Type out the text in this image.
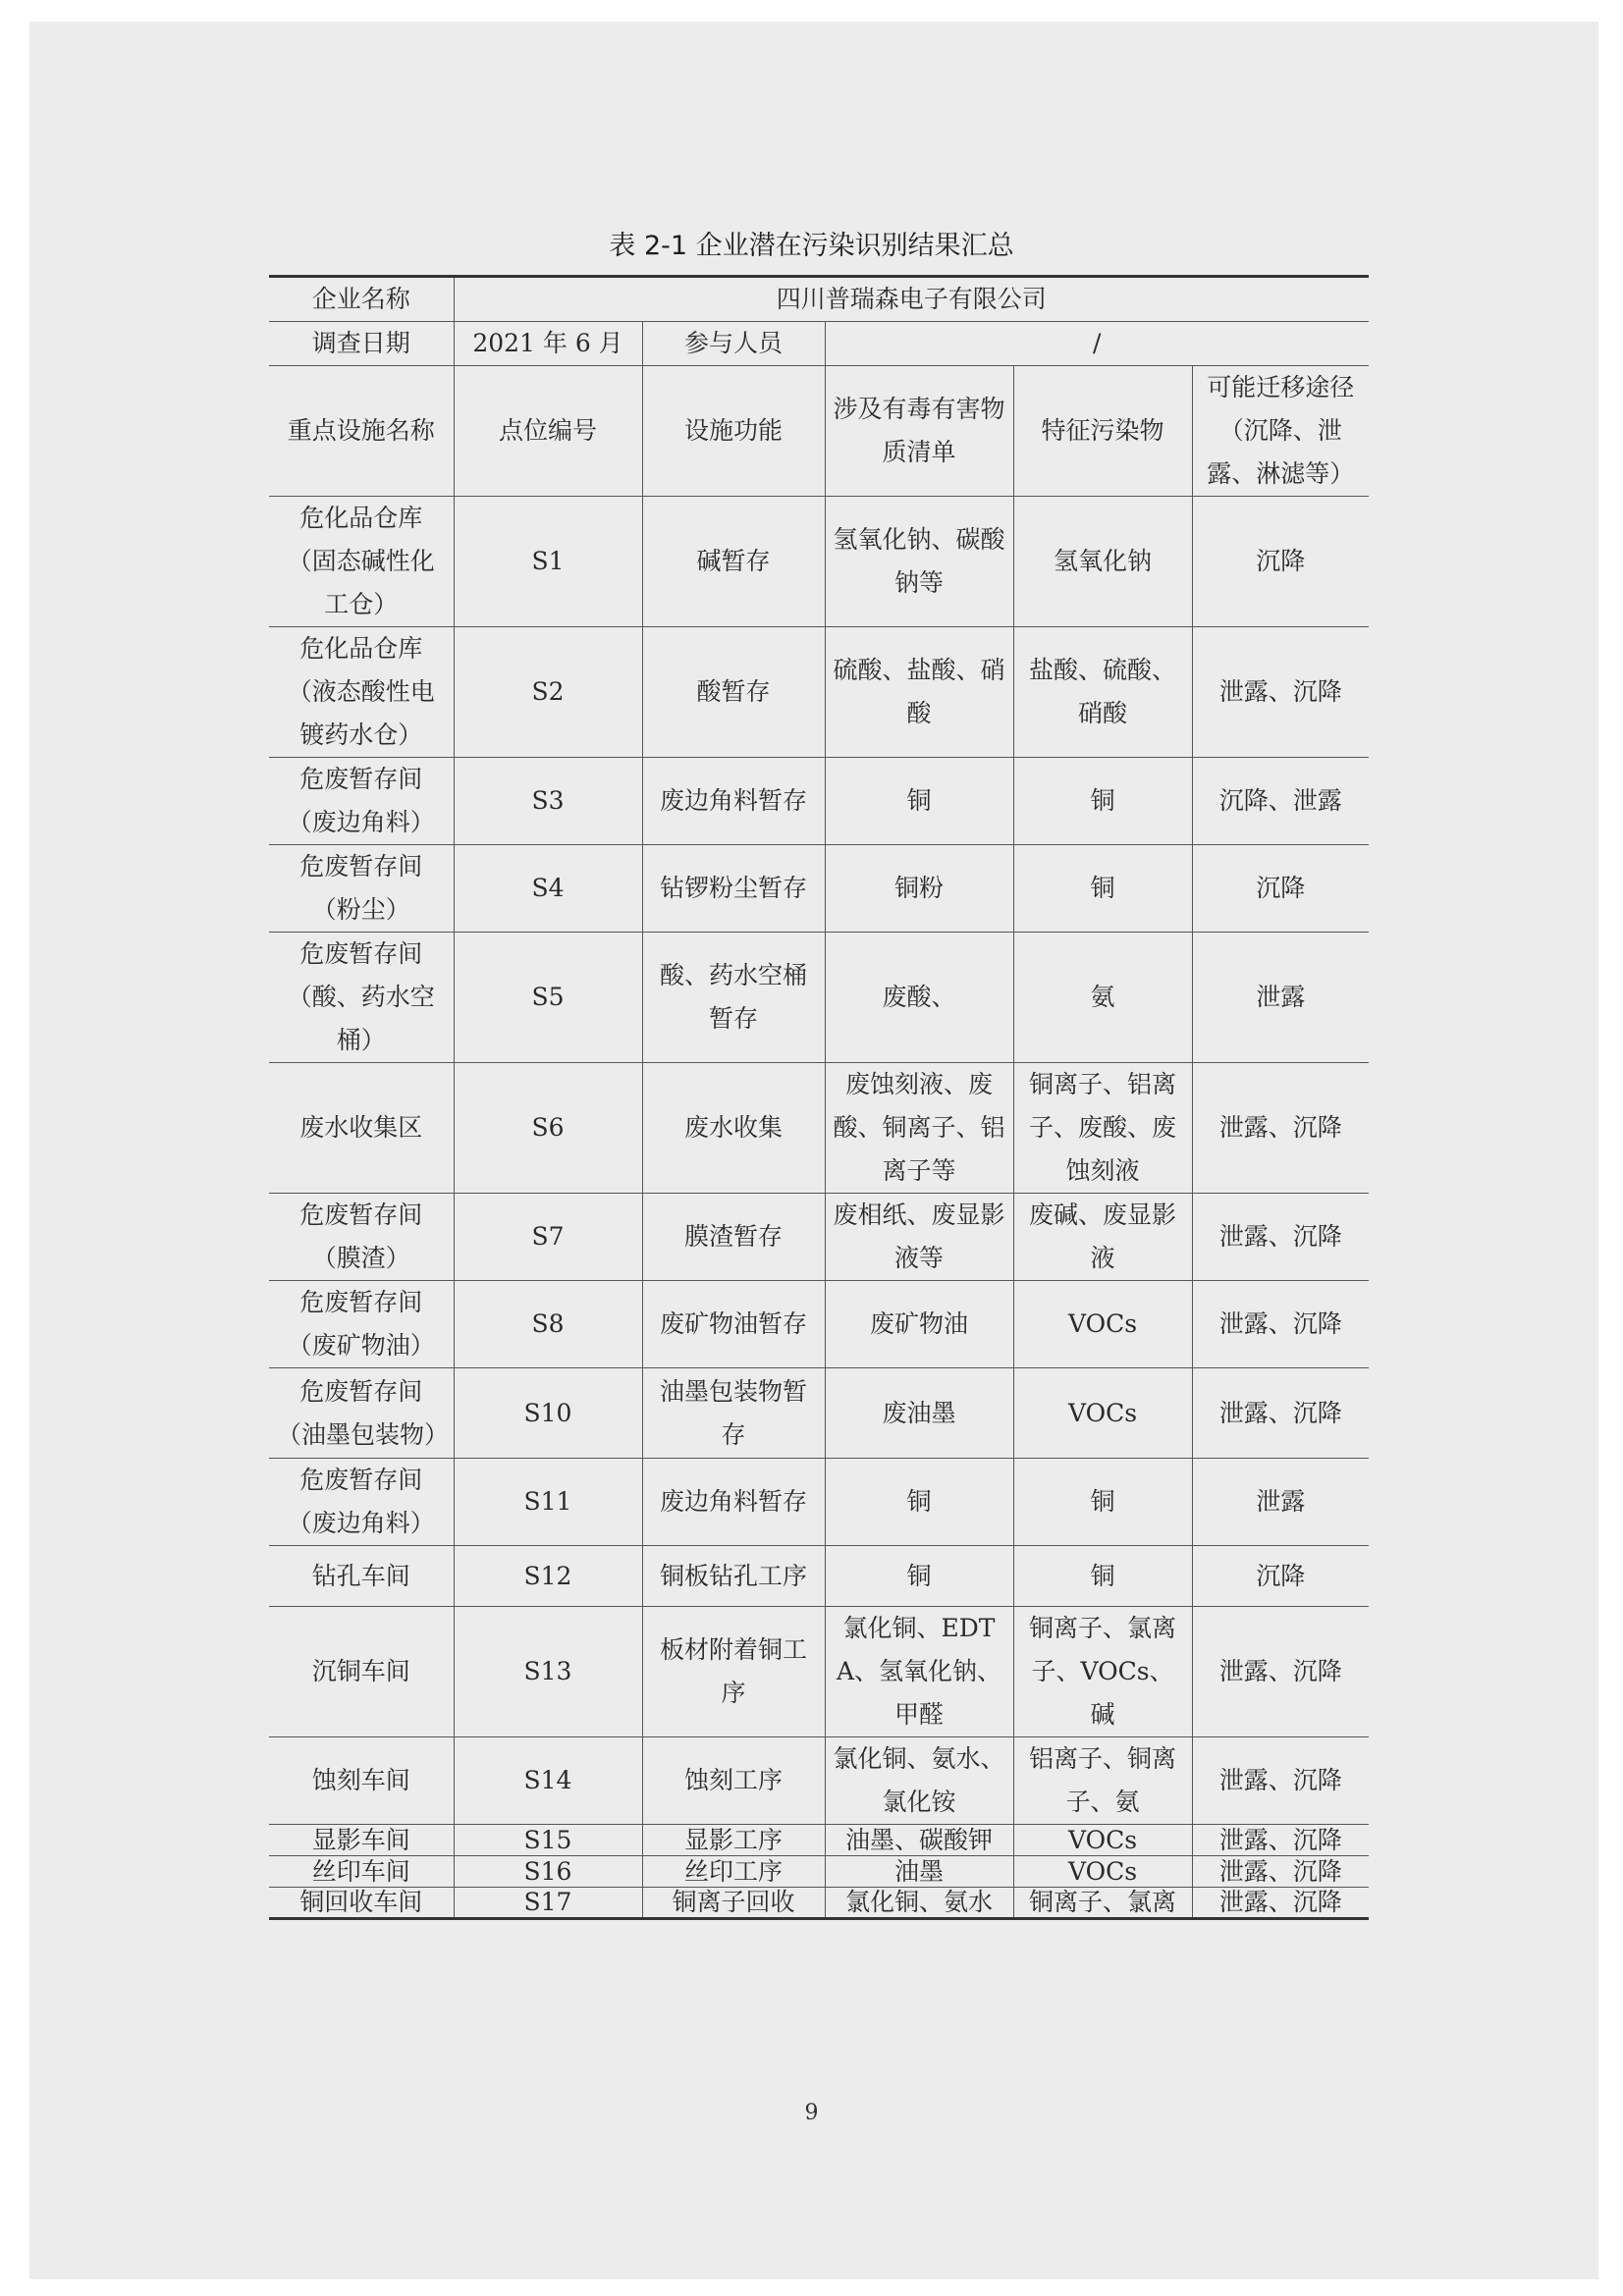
表 2-1 企业潜在污染识别结果汇总
企业名称	四川普瑞森电子有限公司				
调查日期	2021 年 6 月	参与人员	/		
重点设施名称	点位编号	设施功能	涉及有毒有害物质清单	特征污染物	可能迁移途径（沉降、泄露、淋滤等）
危化品仓库（固态碱性化工仓）	S1	碱暂存	氢氧化钠、碳酸钠等	氢氧化钠	沉降
危化品仓库（液态酸性电镀药水仓）	S2	酸暂存	硫酸、盐酸、硝酸	盐酸、硫酸、硝酸	泄露、沉降
危废暂存间（废边角料）	S3	废边角料暂存	铜	铜	沉降、泄露
危废暂存间（粉尘）	S4	钻锣粉尘暂存	铜粉	铜	沉降
危废暂存间（酸、药水空桶）	S5	酸、药水空桶暂存	废酸、	氨	泄露
废水收集区	S6	废水收集	废蚀刻液、废酸、铜离子、铝离子等	铜离子、铝离子、废酸、废蚀刻液	泄露、沉降
危废暂存间（膜渣）	S7	膜渣暂存	废相纸、废显影液等	废碱、废显影液	泄露、沉降
危废暂存间（废矿物油）	S8	废矿物油暂存	废矿物油	VOCs	泄露、沉降
危废暂存间（油墨包装物）	S10	油墨包装物暂存	废油墨	VOCs	泄露、沉降
危废暂存间（废边角料）	S11	废边角料暂存	铜	铜	泄露
钻孔车间	S12	铜板钻孔工序	铜	铜	沉降
沉铜车间	S13	板材附着铜工序	氯化铜、EDTA、氢氧化钠、甲醛	铜离子、氯离子、VOCs、碱	泄露、沉降
蚀刻车间	S14	蚀刻工序	氯化铜、氨水、氯化铵	铝离子、铜离子、氨	泄露、沉降
显影车间	S15	显影工序	油墨、碳酸钾	VOCs	泄露、沉降
丝印车间	S16	丝印工序	油墨	VOCs	泄露、沉降
铜回收车间	S17	铜离子回收	氯化铜、氨水	铜离子、氯离	泄露、沉降
9
